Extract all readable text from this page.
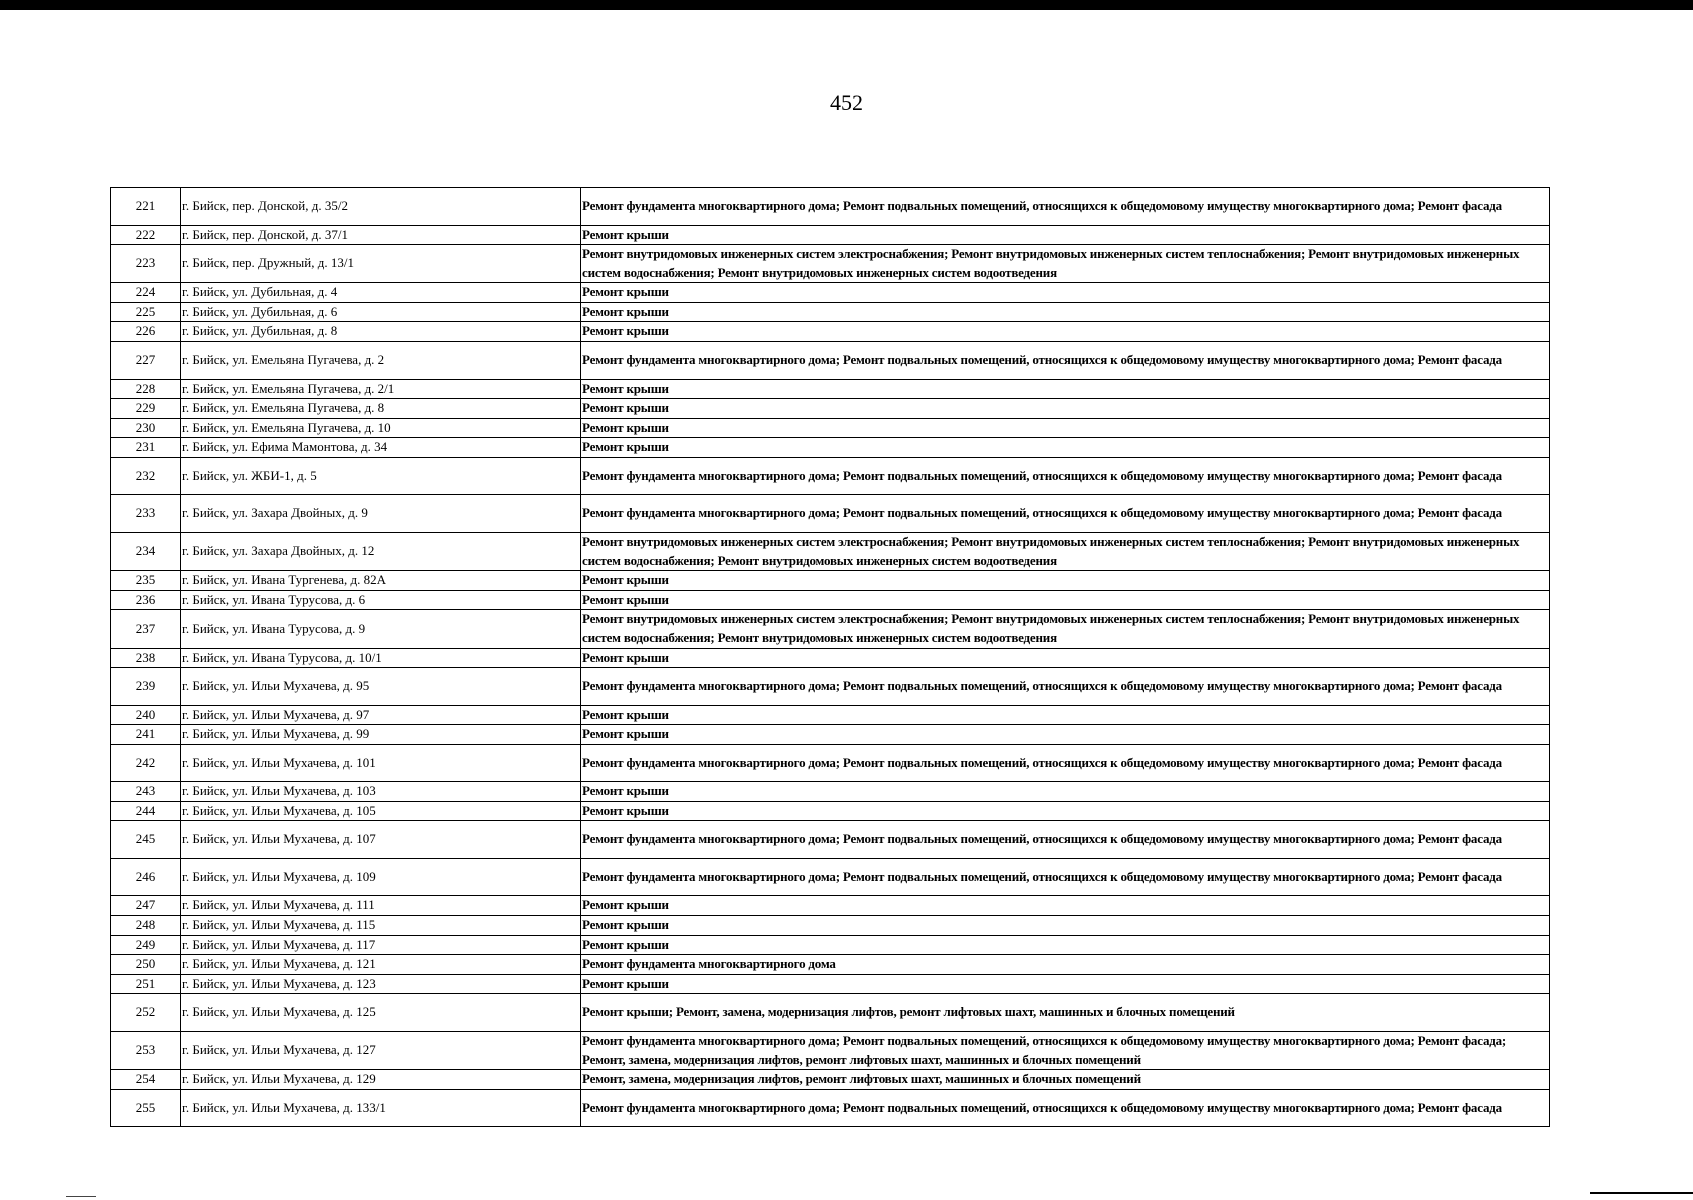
452
221	г. Бийск, пер. Донской, д. 35/2	Ремонт фундамента многоквартирного дома; Ремонт подвальных помещений, относящихся к общедомовому имуществу многоквартирного дома; Ремонт фасада
222	г. Бийск, пер. Донской, д. 37/1	Ремонт крыши
223	г. Бийск, пер. Дружный, д. 13/1	Ремонт внутридомовых инженерных систем электроснабжения; Ремонт внутридомовых инженерных систем теплоснабжения; Ремонт внутридомовых инженерных систем водоснабжения; Ремонт внутридомовых инженерных систем водоотведения
224	г. Бийск, ул. Дубильная, д. 4	Ремонт крыши
225	г. Бийск, ул. Дубильная, д. 6	Ремонт крыши
226	г. Бийск, ул. Дубильная, д. 8	Ремонт крыши
227	г. Бийск, ул. Емельяна Пугачева, д. 2	Ремонт фундамента многоквартирного дома; Ремонт подвальных помещений, относящихся к общедомовому имуществу многоквартирного дома; Ремонт фасада
228	г. Бийск, ул. Емельяна Пугачева, д. 2/1	Ремонт крыши
229	г. Бийск, ул. Емельяна Пугачева, д. 8	Ремонт крыши
230	г. Бийск, ул. Емельяна Пугачева, д. 10	Ремонт крыши
231	г. Бийск, ул. Ефима Мамонтова, д. 34	Ремонт крыши
232	г. Бийск, ул. ЖБИ-1, д. 5	Ремонт фундамента многоквартирного дома; Ремонт подвальных помещений, относящихся к общедомовому имуществу многоквартирного дома; Ремонт фасада
233	г. Бийск, ул. Захара Двойных, д. 9	Ремонт фундамента многоквартирного дома; Ремонт подвальных помещений, относящихся к общедомовому имуществу многоквартирного дома; Ремонт фасада
234	г. Бийск, ул. Захара Двойных, д. 12	Ремонт внутридомовых инженерных систем электроснабжения; Ремонт внутридомовых инженерных систем теплоснабжения; Ремонт внутридомовых инженерных систем водоснабжения; Ремонт внутридомовых инженерных систем водоотведения
235	г. Бийск, ул. Ивана Тургенева, д. 82А	Ремонт крыши
236	г. Бийск, ул. Ивана Турусова, д. 6	Ремонт крыши
237	г. Бийск, ул. Ивана Турусова, д. 9	Ремонт внутридомовых инженерных систем электроснабжения; Ремонт внутридомовых инженерных систем теплоснабжения; Ремонт внутридомовых инженерных систем водоснабжения; Ремонт внутридомовых инженерных систем водоотведения
238	г. Бийск, ул. Ивана Турусова, д. 10/1	Ремонт крыши
239	г. Бийск, ул. Ильи Мухачева, д. 95	Ремонт фундамента многоквартирного дома; Ремонт подвальных помещений, относящихся к общедомовому имуществу многоквартирного дома; Ремонт фасада
240	г. Бийск, ул. Ильи Мухачева, д. 97	Ремонт крыши
241	г. Бийск, ул. Ильи Мухачева, д. 99	Ремонт крыши
242	г. Бийск, ул. Ильи Мухачева, д. 101	Ремонт фундамента многоквартирного дома; Ремонт подвальных помещений, относящихся к общедомовому имуществу многоквартирного дома; Ремонт фасада
243	г. Бийск, ул. Ильи Мухачева, д. 103	Ремонт крыши
244	г. Бийск, ул. Ильи Мухачева, д. 105	Ремонт крыши
245	г. Бийск, ул. Ильи Мухачева, д. 107	Ремонт фундамента многоквартирного дома; Ремонт подвальных помещений, относящихся к общедомовому имуществу многоквартирного дома; Ремонт фасада
246	г. Бийск, ул. Ильи Мухачева, д. 109	Ремонт фундамента многоквартирного дома; Ремонт подвальных помещений, относящихся к общедомовому имуществу многоквартирного дома; Ремонт фасада
247	г. Бийск, ул. Ильи Мухачева, д. 111	Ремонт крыши
248	г. Бийск, ул. Ильи Мухачева, д. 115	Ремонт крыши
249	г. Бийск, ул. Ильи Мухачева, д. 117	Ремонт крыши
250	г. Бийск, ул. Ильи Мухачева, д. 121	Ремонт фундамента многоквартирного дома
251	г. Бийск, ул. Ильи Мухачева, д. 123	Ремонт крыши
252	г. Бийск, ул. Ильи Мухачева, д. 125	Ремонт крыши; Ремонт, замена, модернизация лифтов, ремонт лифтовых шахт, машинных и блочных помещений
253	г. Бийск, ул. Ильи Мухачева, д. 127	Ремонт фундамента многоквартирного дома; Ремонт подвальных помещений, относящихся к общедомовому имуществу многоквартирного дома; Ремонт фасада; Ремонт, замена, модернизация лифтов, ремонт лифтовых шахт, машинных и блочных помещений
254	г. Бийск, ул. Ильи Мухачева, д. 129	Ремонт, замена, модернизация лифтов, ремонт лифтовых шахт, машинных и блочных помещений
255	г. Бийск, ул. Ильи Мухачева, д. 133/1	Ремонт фундамента многоквартирного дома; Ремонт подвальных помещений, относящихся к общедомовому имуществу многоквартирного дома; Ремонт фасада
